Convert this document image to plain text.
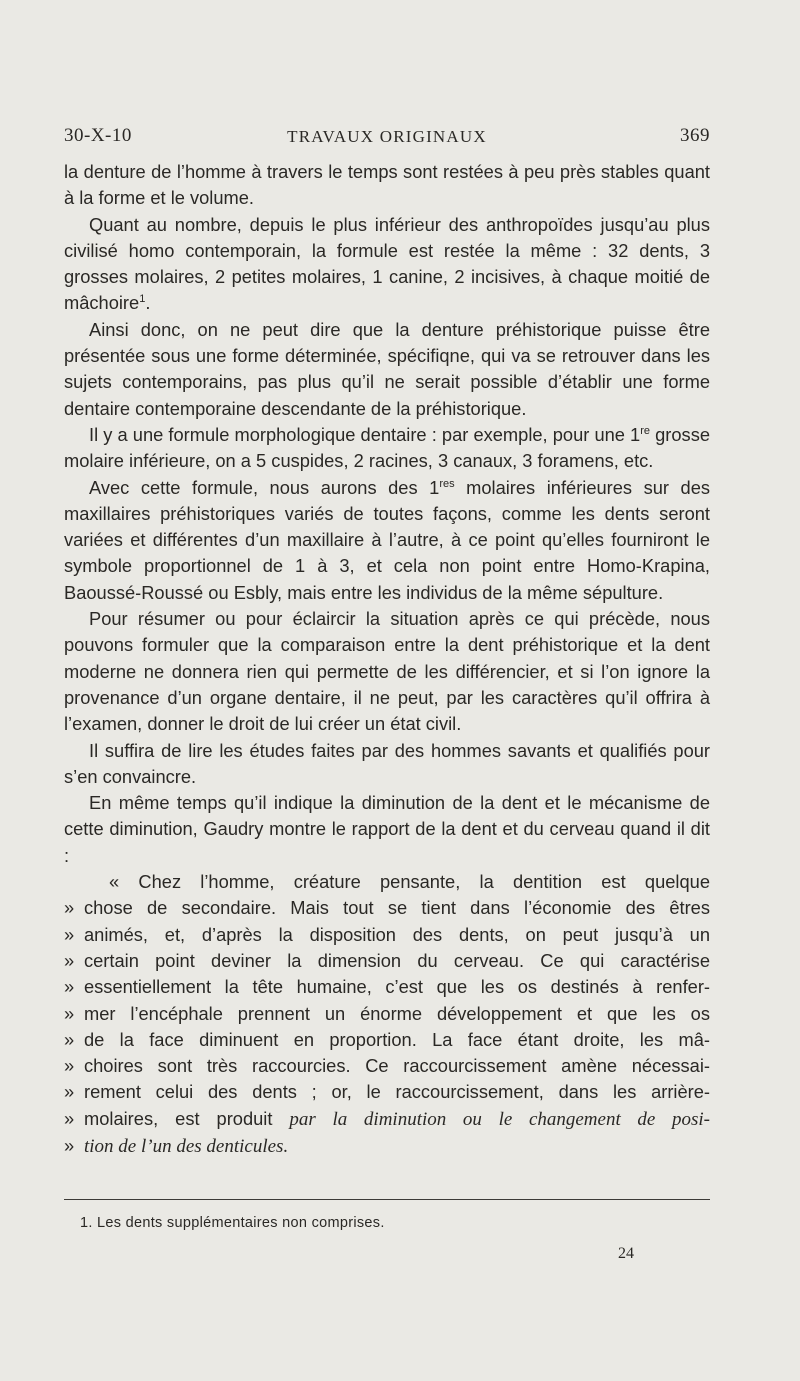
30-X-10	TRAVAUX ORIGINAUX	369

la denture de l’homme à travers le temps sont restées à peu près stables quant à la forme et le volume.

Quant au nombre, depuis le plus inférieur des anthropoïdes jusqu’au plus civilisé homo contemporain, la formule est restée la même : 32 dents, 3 grosses molaires, 2 petites molaires, 1 canine, 2 incisives, à chaque moitié de mâchoire$^1$.

Ainsi donc, on ne peut dire que la denture préhistorique puisse être présentée sous une forme déterminée, spécifiqne, qui va se retrouver dans les sujets contemporains, pas plus qu’il ne serait possible d’établir une forme dentaire contemporaine descendante de la préhistorique.

Il y a une formule morphologique dentaire : par exemple, pour une 1re grosse molaire inférieure, on a 5 cuspides, 2 racines, 3 canaux, 3 foramens, etc.

Avec cette formule, nous aurons des 1res molaires inférieures sur des maxillaires préhistoriques variés de toutes façons, comme les dents seront variées et différentes d’un maxillaire à l’autre, à ce point qu’elles fourniront le symbole proportionnel de 1 à 3, et cela non point entre Homo-Krapina, Baoussé-Roussé ou Esbly, mais entre les individus de la même sépulture.

Pour résumer ou pour éclaircir la situation après ce qui précède, nous pouvons formuler que la comparaison entre la dent préhistorique et la dent moderne ne donnera rien qui permette de les différencier, et si l’on ignore la provenance d’un organe dentaire, il ne peut, par les caractères qu’il offrira à l’examen, donner le droit de lui créer un état civil.

Il suffira de lire les études faites par des hommes savants et qualifiés pour s’en convaincre.

En même temps qu’il indique la diminution de la dent et le mécanisme de cette diminution, Gaudry montre le rapport de la dent et du cerveau quand il dit :

« Chez l’homme, créature pensante, la dentition est quelque
» chose de secondaire. Mais tout se tient dans l’économie des êtres
» animés, et, d’après la disposition des dents, on peut jusqu’à un
» certain point deviner la dimension du cerveau. Ce qui caractérise
» essentiellement la tête humaine, c’est que les os destinés à renfer-
» mer l’encéphale prennent un énorme développement et que les os
» de la face diminuent en proportion. La face étant droite, les mâ-
» choires sont très raccourcies. Ce raccourcissement amène nécessai-
» rement celui des dents ; or, le raccourcissement, dans les arrière-
» molaires, est produit par la diminution ou le changement de posi-
» tion de l’un des denticules.
1. Les dents supplémentaires non comprises.
24
